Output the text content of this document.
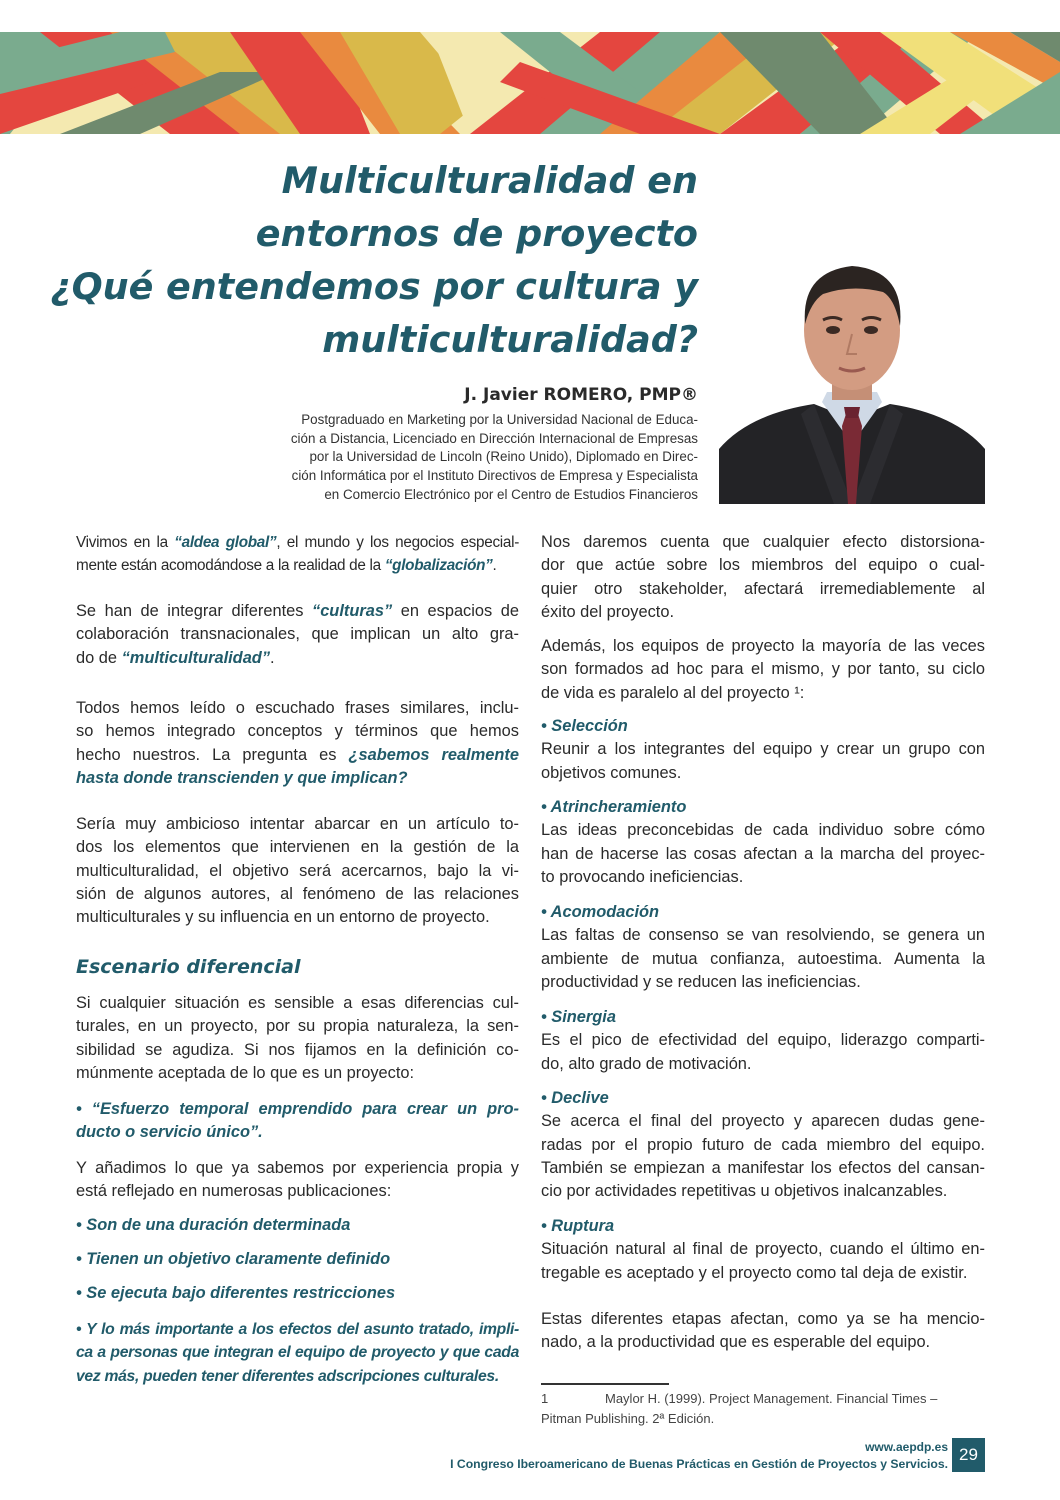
Multiculturalidad en
entornos de proyecto
¿Qué entendemos por cultura y
multiculturalidad?
J. Javier ROMERO, PMP®
Postgraduado en Marketing por la Universidad Nacional de Educa-
ción a Distancia, Licenciado en Dirección Internacional de Empresas
por la Universidad de Lincoln (Reino Unido), Diplomado en Direc-
ción Informática por el Instituto Directivos de Empresa y Especialista
en Comercio Electrónico por el Centro de Estudios Financieros

Vivimos en la “aldea global”, el mundo y los negocios especial-
mente están acomodándose a la realidad de la “globalización”.

Se han de integrar diferentes “culturas” en espacios de
colaboración transnacionales, que implican un alto gra-
do de “multiculturalidad”.

Todos hemos leído o escuchado frases similares, inclu-
so hemos integrado conceptos y términos que hemos
hecho nuestros. La pregunta es ¿sabemos realmente
hasta donde transcienden y que implican?

Sería muy ambicioso intentar abarcar en un artículo to-
dos los elementos que intervienen en la gestión de la
multiculturalidad, el objetivo será acercarnos, bajo la vi-
sión de algunos autores, al fenómeno de las relaciones
multiculturales y su influencia en un entorno de proyecto.

Escenario diferencial

Si cualquier situación es sensible a esas diferencias cul-
turales, en un proyecto, por su propia naturaleza, la sen-
sibilidad se agudiza. Si nos fijamos en la definición co-
múnmente aceptada de lo que es un proyecto:

• “Esfuerzo temporal emprendido para crear un pro-
ducto o servicio único”.

Y añadimos lo que ya sabemos por experiencia propia y
está reflejado en numerosas publicaciones:

• Son de una duración determinada

• Tienen un objetivo claramente definido

• Se ejecuta bajo diferentes restricciones

• Y lo más importante a los efectos del asunto tratado, impli-
ca a personas que integran el equipo de proyecto y que cada
vez más, pueden tener diferentes adscripciones culturales.

Nos daremos cuenta que cualquier efecto distorsiona-
dor que actúe sobre los miembros del equipo o cual-
quier otro stakeholder, afectará irremediablemente al
éxito del proyecto.

Además, los equipos de proyecto la mayoría de las veces
son formados ad hoc para el mismo, y por tanto, su ciclo
de vida es paralelo al del proyecto ¹:

• Selección
Reunir a los integrantes del equipo y crear un grupo con
objetivos comunes.
• Atrincheramiento
Las ideas preconcebidas de cada individuo sobre cómo
han de hacerse las cosas afectan a la marcha del proyec-
to provocando ineficiencias.
• Acomodación
Las faltas de consenso se van resolviendo, se genera un
ambiente de mutua confianza, autoestima. Aumenta la
productividad y se reducen las ineficiencias.
• Sinergia
Es el pico de efectividad del equipo, liderazgo comparti-
do, alto grado de motivación.
• Declive
Se acerca el final del proyecto y aparecen dudas gene-
radas por el propio futuro de cada miembro del equipo.
También se empiezan a manifestar los efectos del cansan-
cio por actividades repetitivas u objetivos inalcanzables.
• Ruptura
Situación natural al final de proyecto, cuando el último en-
tregable es aceptado y el proyecto como tal deja de existir.

Estas diferentes etapas afectan, como ya se ha mencio-
nado, a la productividad que es esperable del equipo.

1	Maylor H. (1999). Project Management. Financial Times –
Pitman Publishing. 2ª Edición.
www.aepdp.es
I Congreso Iberoamericano de Buenas Prácticas en Gestión de Proyectos y Servicios. 29
